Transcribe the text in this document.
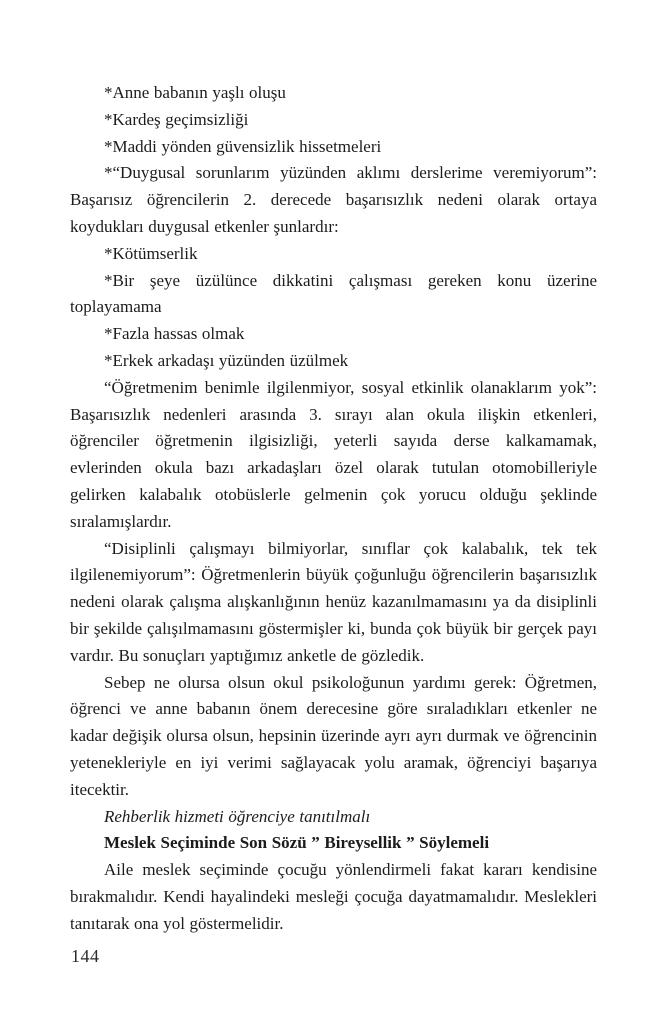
*Anne babanın yaşlı oluşu

*Kardeş geçimsizliği

*Maddi yönden güvensizlik hissetmeleri

*“Duygusal sorunlarım yüzünden aklımı derslerime veremiyorum”: Başarısız öğrencilerin 2. derecede başarısızlık nedeni olarak ortaya koydukları duygusal etkenler şunlardır:

*Kötümserlik

*Bir şeye üzülünce dikkatini çalışması gereken konu üzerine toplayamama

*Fazla hassas olmak

*Erkek arkadaşı yüzünden üzülmek

“Öğretmenim benimle ilgilenmiyor, sosyal etkinlik olanaklarım yok”: Başarısızlık nedenleri arasında 3. sırayı alan okula ilişkin etkenleri, öğrenciler öğretmenin ilgisizliği, yeterli sayıda derse kalkamamak, evlerinden okula bazı arkadaşları özel olarak tutulan otomobilleriyle gelirken kalabalık otobüslerle gelmenin çok yorucu olduğu şeklinde sıralamışlardır.

“Disiplinli çalışmayı bilmiyorlar, sınıflar çok kalabalık, tek tek ilgilenemiyorum”: Öğretmenlerin büyük çoğunluğu öğrencilerin başarısızlık nedeni olarak çalışma alışkanlığının henüz kazanılmamasını ya da disiplinli bir şekilde çalışılmamasını göstermişler ki, bunda çok büyük bir gerçek payı vardır. Bu sonuçları yaptığımız anketle de gözledik.

Sebep ne olursa olsun okul psikoloğunun yardımı gerek: Öğretmen, öğrenci ve anne babanın önem derecesine göre sıraladıkları etkenler ne kadar değişik olursa olsun, hepsinin üzerinde ayrı ayrı durmak ve öğrencinin yetenekleriyle en iyi verimi sağlayacak yolu aramak, öğrenciyi başarıya itecektir.

Rehberlik hizmeti öğrenciye tanıtılmalı

Meslek Seçiminde Son Sözü ” Bireysellik ” Söylemeli

Aile meslek seçiminde çocuğu yönlendirmeli fakat kararı kendisine bırakmalıdır. Kendi hayalindeki mesleği çocuğa dayatmamalıdır. Meslekleri tanıtarak ona yol göstermelidir.

144
